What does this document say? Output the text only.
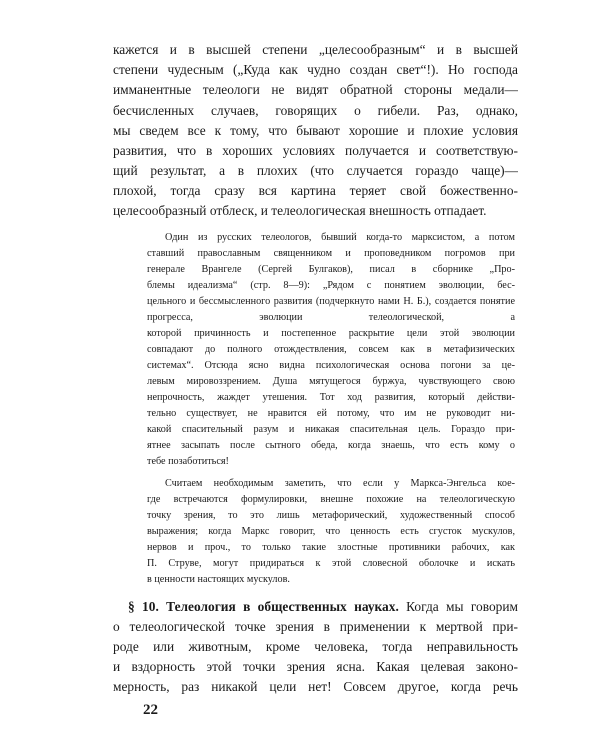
кажется и в высшей степени „целесообразным“ и в высшей
степени чудесным („Куда как чудно создан свет“!). Но господа
имманентные телеологи не видят обратной стороны медали—
бесчисленных случаев, говорящих о гибели. Раз, однако,
мы сведем все к тому, что бывают хорошие и плохие условия
развития, что в хороших условиях получается и соответствую-
щий результат, а в плохих (что случается гораздо чаще)—
плохой, тогда сразу вся картина теряет свой божественно-
целесообразный отблеск, и телеологическая внешность отпадает.
Один из русских телеологов, бывший когда-то марксистом, а потом
ставший православным священником и проповедником погромов при
генерале Врангеле (Сергей Булгаков), писал в сборнике „Про-
блемы идеализма“ (стр. 8—9): „Рядом с понятием эволюции, бес-
цельного и бессмысленного развития (подчеркнуто нами Н. Б.), создается понятие прогресса, эволюции телеологической, а
которой причинность и постепенное раскрытие цели этой эволюции
совпадают до полного отождествления, совсем как в метафизических
системах“. Отсюда ясно видна психологическая основа погони за це-
левым мировоззрением. Душа мятущегося буржуа, чувствующего свою
непрочность, жаждет утешения. Тот ход развития, который действи-
тельно существует, не нравится ей потому, что им не руководит ни-
какой спасительный разум и никакая спасительная цель. Гораздо при-
ятнее засыпать после сытного обеда, когда знаешь, что есть кому о
тебе позаботиться!
Считаем необходимым заметить, что если у Маркса-Энгельса кое-
где встречаются формулировки, внешне похожие на телеологическую
точку зрения, то это лишь метафорический, художественный способ
выражения; когда Маркс говорит, что ценность есть сгусток мускулов,
нервов и проч., то только такие злостные противники рабочих, как
П. Струве, могут придираться к этой словесной оболочке и искать
в ценности настоящих мускулов.
§ 10. Телеология в общественных науках. Когда мы говорим
о телеологической точке зрения в применении к мертвой при-
роде или животным, кроме человека, тогда неправильность
и вздорность этой точки зрения ясна. Какая целевая законо-
мерность, раз никакой цели нет! Совсем другое, когда речь
22
